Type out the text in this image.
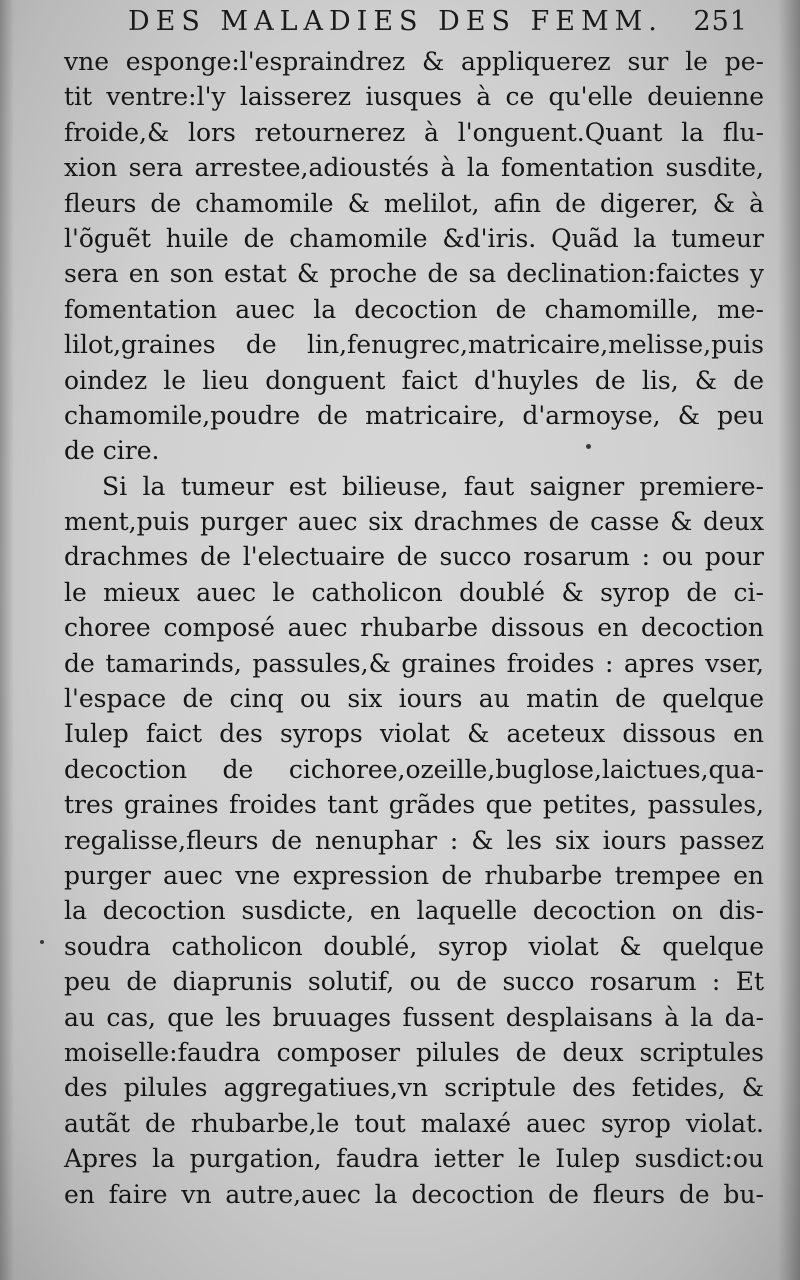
DES MALADIES DES FEMM. 251
vne esponge:l'espraindrez & appliquerez sur le pe-
tit ventre:l'y laisserez iusques à ce qu'elle deuienne
froide,& lors retournerez à l'onguent.Quant la flu-
xion sera arrestee,adioustés à la fomentation susdite,
fleurs de chamomile & melilot, afin de digerer, & à
l'õguẽt huile de chamomile &d'iris. Quãd la tumeur
sera en son estat & proche de sa declination:faictes y
fomentation auec la decoction de chamomille, me-
lilot,graines de lin,fenugrec,matricaire,melisse,puis
oindez le lieu donguent faict d'huyles de lis, & de
chamomile,poudre de matricaire, d'armoyse, & peu
de cire.
Si la tumeur est bilieuse, faut saigner premiere-
ment,puis purger auec six drachmes de casse & deux
drachmes de l'electuaire de succo rosarum : ou pour
le mieux auec le catholicon doublé & syrop de ci-
choree composé auec rhubarbe dissous en decoction
de tamarinds, passules,& graines froides : apres vser,
l'espace de cinq ou six iours au matin de quelque
Iulep faict des syrops violat & aceteux dissous en
decoction de cichoree,ozeille,buglose,laictues,qua-
tres graines froides tant grãdes que petites, passules,
regalisse,fleurs de nenuphar : & les six iours passez
purger auec vne expression de rhubarbe trempee en
la decoction susdicte, en laquelle decoction on dis-
soudra catholicon doublé, syrop violat & quelque
peu de diaprunis solutif, ou de succo rosarum : Et
au cas, que les bruuages fussent desplaisans à la da-
moiselle:faudra composer pilules de deux scriptules
des pilules aggregatiues,vn scriptule des fetides, &
autãt de rhubarbe,le tout malaxé auec syrop violat.
Apres la purgation, faudra ietter le Iulep susdict:ou
en faire vn autre,auec la decoction de fleurs de bu-
